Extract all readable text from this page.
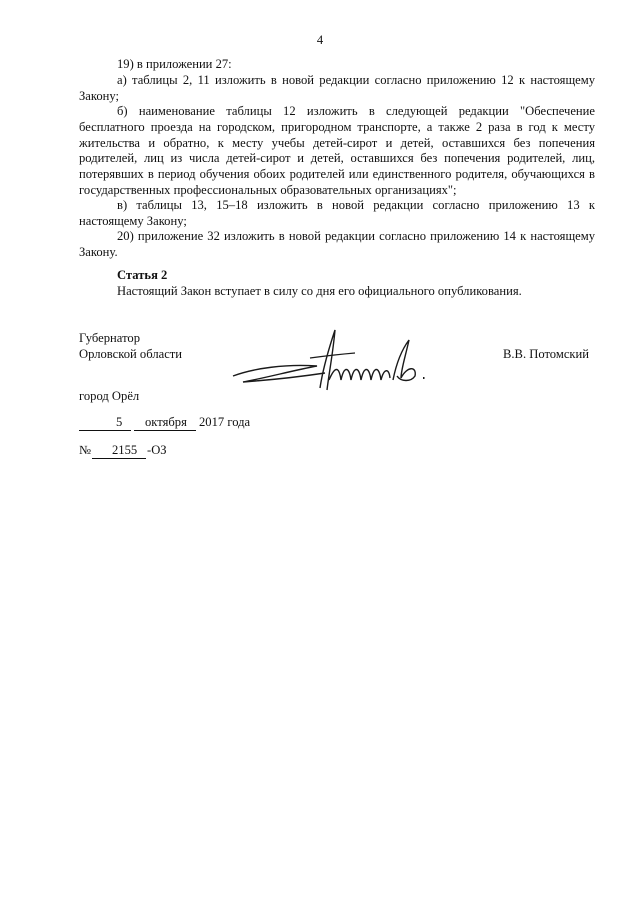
4
19) в приложении 27:
а) таблицы 2, 11 изложить в новой редакции согласно приложению 12 к настоящему Закону;
б) наименование таблицы 12 изложить в следующей редакции "Обеспечение бесплатного проезда на городском, пригородном транспорте, а также 2 раза в год к месту жительства и обратно, к месту учебы детей-сирот и детей, оставшихся без попечения родителей, лиц из числа детей-сирот и детей, оставшихся без попечения родителей, лиц, потерявших в период обучения обоих родителей или единственного родителя, обучающихся в государственных профессиональных образовательных организациях";
в) таблицы 13, 15–18 изложить в новой редакции согласно приложению 13 к настоящему Закону;
20) приложение 32 изложить в новой редакции согласно приложению 14 к настоящему Закону.
Статья 2
Настоящий Закон вступает в силу со дня его официального опубликования.
Губернатор
Орловской области	В.В. Потомский
город Орёл
5 октября 2017 года
№ 2155 -ОЗ
